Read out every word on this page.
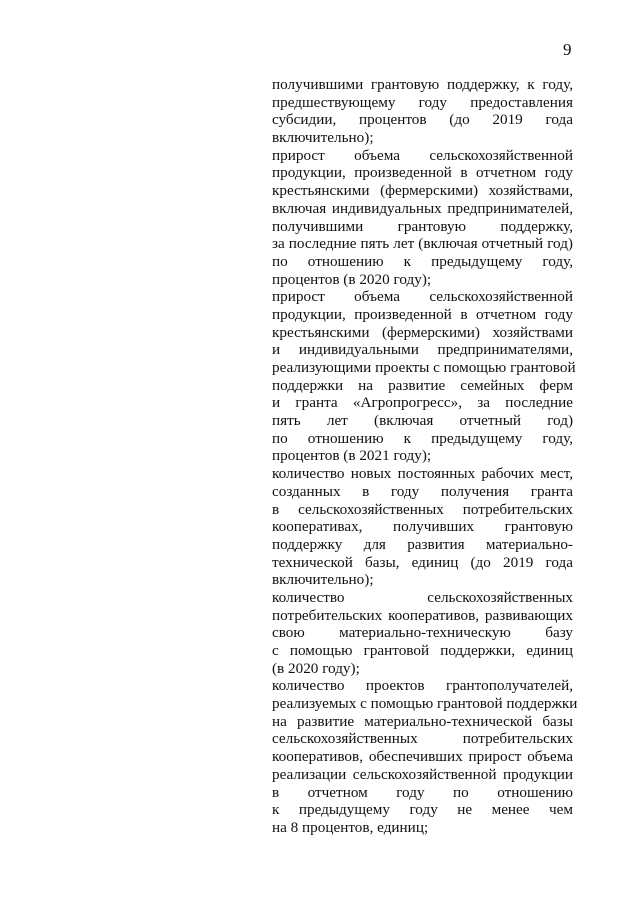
9
получившими грантовую поддержку, к году,
предшествующему году предоставления
субсидии, процентов (до 2019 года
включительно);
прирост объема сельскохозяйственной
продукции, произведенной в отчетном году
крестьянскими (фермерскими) хозяйствами,
включая индивидуальных предпринимателей,
получившими грантовую поддержку,
за последние пять лет (включая отчетный год)
по отношению к предыдущему году,
процентов (в 2020 году);
прирост объема сельскохозяйственной
продукции, произведенной в отчетном году
крестьянскими (фермерскими) хозяйствами
и индивидуальными предпринимателями,
реализующими проекты с помощью грантовой
поддержки на развитие семейных ферм
и гранта «Агропрогресс», за последние
пять лет (включая отчетный год)
по отношению к предыдущему году,
процентов (в 2021 году);
количество новых постоянных рабочих мест,
созданных в году получения гранта
в сельскохозяйственных потребительских
кооперативах, получивших грантовую
поддержку для развития материально-
технической базы, единиц (до 2019 года
включительно);
количество сельскохозяйственных
потребительских кооперативов, развивающих
свою материально-техническую базу
с помощью грантовой поддержки, единиц
(в 2020 году);
количество проектов грантополучателей,
реализуемых с помощью грантовой поддержки
на развитие материально-технической базы
сельскохозяйственных потребительских
кооперативов, обеспечивших прирост объема
реализации сельскохозяйственной продукции
в отчетном году по отношению
к предыдущему году не менее чем
на 8 процентов, единиц;
